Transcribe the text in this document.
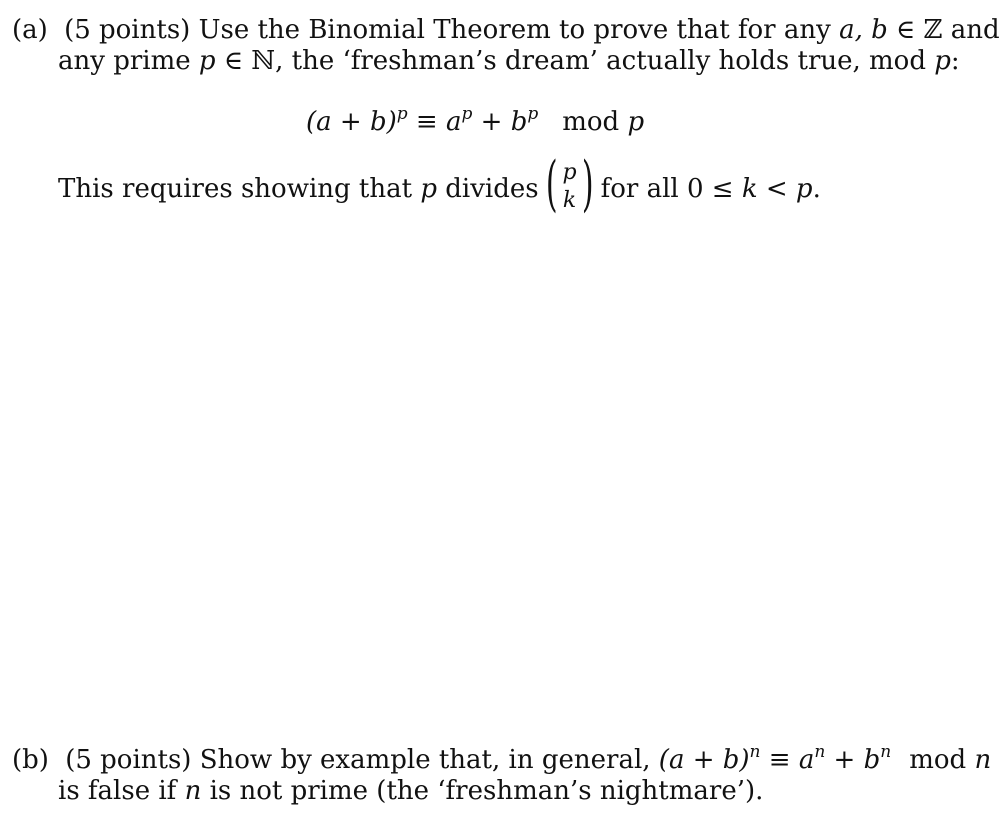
(a) (5 points) Use the Binomial Theorem to prove that for any a, b ∈ ℤ and
any prime p ∈ ℕ, the ‘freshman’s dream’ actually holds true, mod p:
$(a + b)^p \equiv a^p + b^p$ mod p
This requires showing that p divides ( p
k ) for all 0 ≤ k < p.
(b) (5 points) Show by example that, in general, $(a + b)^n \equiv a^n + b^n$ mod n
is false if n is not prime (the ‘freshman’s nightmare’).
